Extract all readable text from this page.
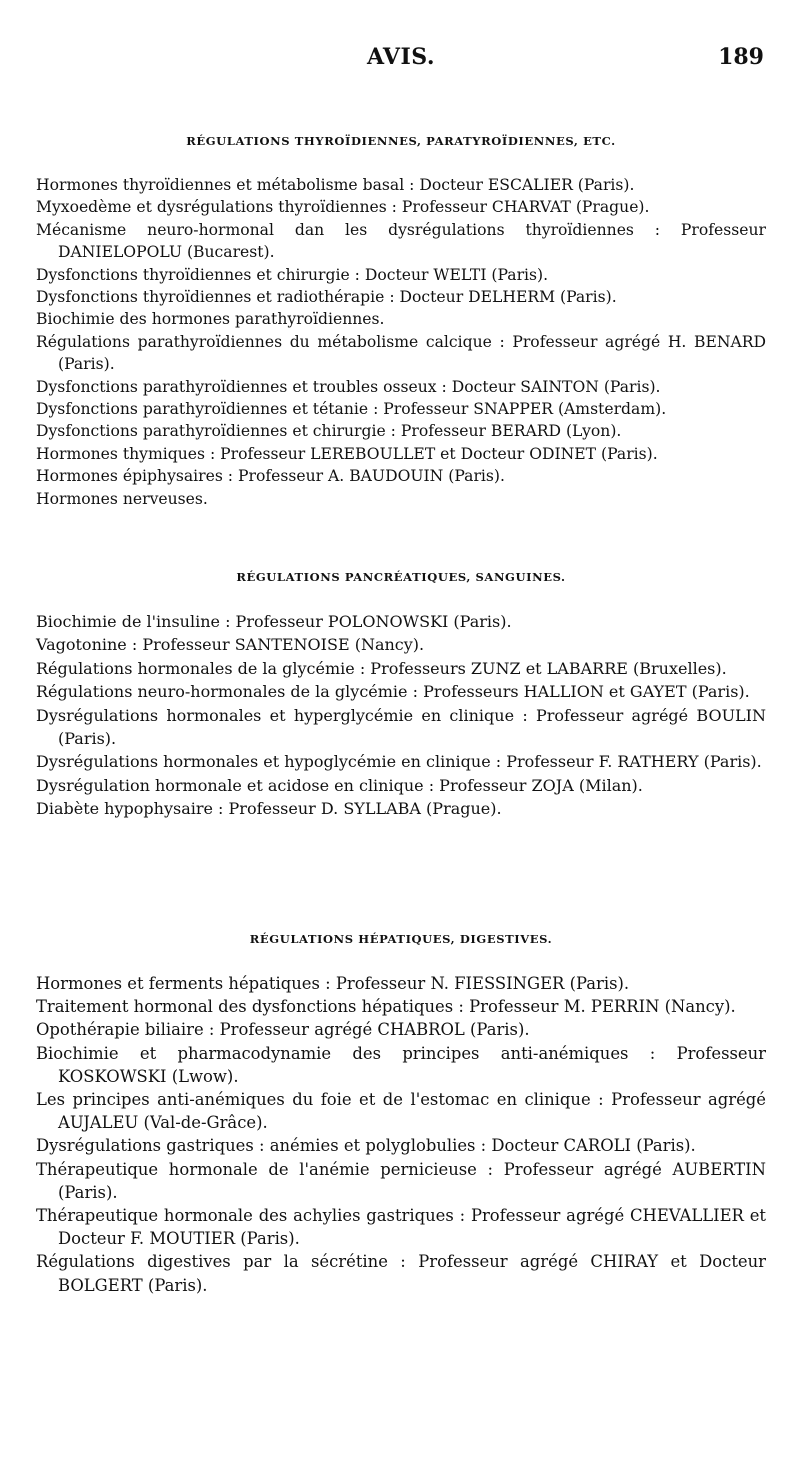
AVIS.	189
RÉGULATIONS THYROÏDIENNES, PARATYROÏDIENNES, ETC.

Hormones thyroïdiennes et métabolisme basal : Docteur ESCALIER (Paris).

Myxoedème et dysrégulations thyroïdiennes : Professeur CHARVAT (Prague).

Mécanisme neuro-hormonal dan les dysrégulations thyroïdiennes : Professeur DANIELOPOLU (Bucarest).

Dysfonctions thyroïdiennes et chirurgie : Docteur WELTI (Paris).

Dysfonctions thyroïdiennes et radiothérapie : Docteur DELHERM (Paris).

Biochimie des hormones parathyroïdiennes.

Régulations parathyroïdiennes du métabolisme calcique : Professeur agrégé H. BENARD (Paris).

Dysfonctions parathyroïdiennes et troubles osseux : Docteur SAINTON (Paris).

Dysfonctions parathyroïdiennes et tétanie : Professeur SNAPPER (Amsterdam).

Dysfonctions parathyroïdiennes et chirurgie : Professeur BERARD (Lyon).

Hormones thymiques : Professeur LEREBOULLET et Docteur ODINET (Paris).

Hormones épiphysaires : Professeur A. BAUDOUIN (Paris).

Hormones nerveuses.

RÉGULATIONS PANCRÉATIQUES, SANGUINES.

Biochimie de l'insuline : Professeur POLONOWSKI (Paris).

Vagotonine : Professeur SANTENOISE (Nancy).

Régulations hormonales de la glycémie : Professeurs ZUNZ et LABARRE (Bruxelles).

Régulations neuro-hormonales de la glycémie : Professeurs HALLION et GAYET (Paris).

Dysrégulations hormonales et hyperglycémie en clinique : Professeur agrégé BOULIN (Paris).

Dysrégulations hormonales et hypoglycémie en clinique : Professeur F. RATHERY (Paris).

Dysrégulation hormonale et acidose en clinique : Professeur ZOJA (Milan).

Diabète hypophysaire : Professeur D. SYLLABA (Prague).

RÉGULATIONS HÉPATIQUES, DIGESTIVES.

Hormones et ferments hépatiques : Professeur N. FIESSINGER (Paris).

Traitement hormonal des dysfonctions hépatiques : Professeur M. PERRIN (Nancy).

Opothérapie biliaire : Professeur agrégé CHABROL (Paris).

Biochimie et pharmacodynamie des principes anti-anémiques : Professeur KOSKOWSKI (Lwow).

Les principes anti-anémiques du foie et de l'estomac en clinique : Professeur agrégé AUJALEU (Val-de-Grâce).

Dysrégulations gastriques : anémies et polyglobulies : Docteur CAROLI (Paris).

Thérapeutique hormonale de l'anémie pernicieuse : Professeur agrégé AUBERTIN (Paris).

Thérapeutique hormonale des achylies gastriques : Professeur agrégé CHEVALLIER et Docteur F. MOUTIER (Paris).

Régulations digestives par la sécrétine : Professeur agrégé CHIRAY et Docteur BOLGERT (Paris).
